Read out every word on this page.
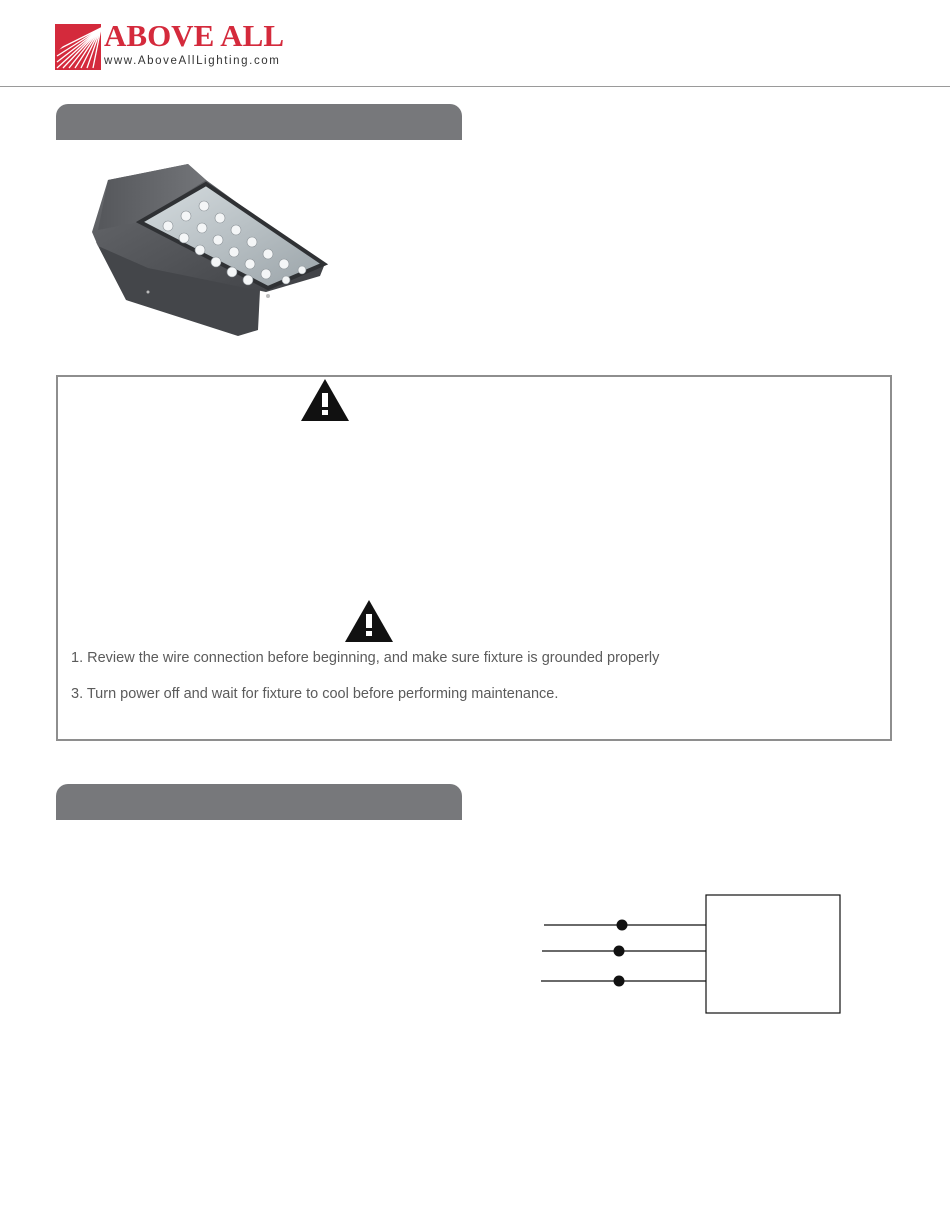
ABOVE ALL
www.AboveAllLighting.com
1. Review the wire connection before beginning, and make sure fixture is grounded properly
3. Turn power off and wait for fixture to cool before performing maintenance.
